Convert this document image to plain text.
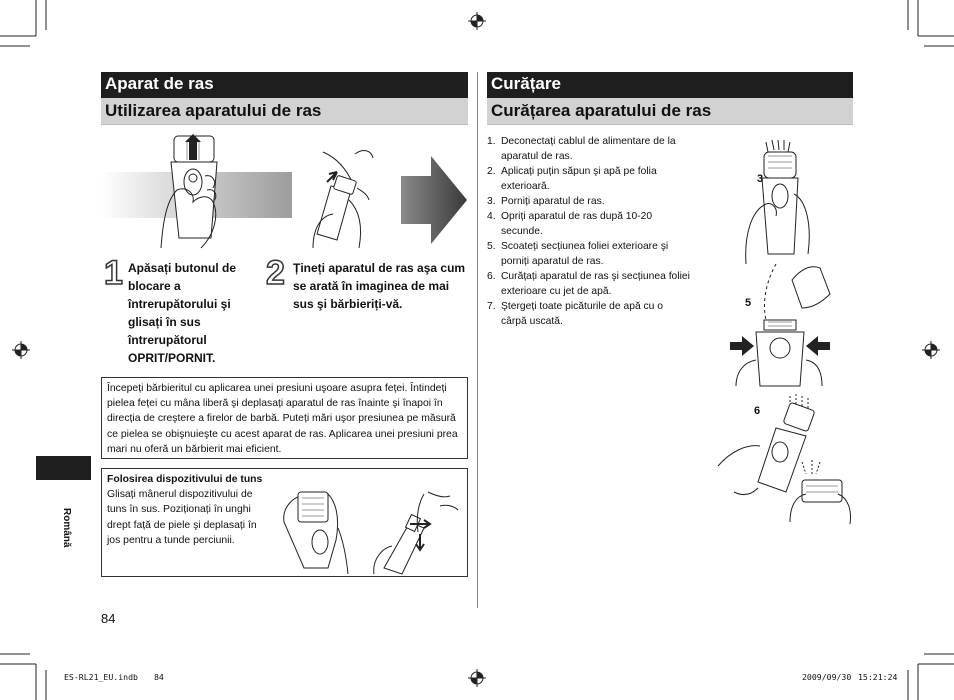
Română
Aparat de ras
Utilizarea aparatului de ras
1 Apăsați butonul de blocare a întrerupătorului şi glisați în sus întrerupătorul OPRIT/PORNIT.
2 Țineți aparatul de ras aşa cum se arată în imaginea de mai sus şi bărbieriți-vă.
Începeți bărbieritul cu aplicarea unei presiuni uşoare asupra feței. Întindeți pielea feței cu mâna liberă şi deplasați aparatul de ras înainte şi înapoi în direcția de creştere a firelor de barbă. Puteți mări uşor presiunea pe măsură ce pielea se obişnuieşte cu acest aparat de ras. Aplicarea unei presiuni prea mari nu oferă un bărbierit mai eficient.
Folosirea dispozitivului de tuns
Glisați mânerul dispozitivului de tuns în sus. Poziționați în unghi drept față de piele şi deplasați în jos pentru a tunde perciunii.
84
Curățare
Curățarea aparatului de ras
1. Deconectați cablul de alimentare de la
aparatul de ras.
2. Aplicați puțin săpun şi apă pe folia
exterioară.
3. Porniți aparatul de ras.
4. Opriți aparatul de ras după 10-20
secunde.
5. Scoateți secțiunea foliei exterioare şi
porniți aparatul de ras.
6. Curățați aparatul de ras şi secțiunea foliei
exterioare cu jet de apă.
7. Ştergeți toate picăturile de apă cu o
cârpă uscată.
3
5
6
ES-RL21_EU.indb 84	2009/09/30 15:21:24
